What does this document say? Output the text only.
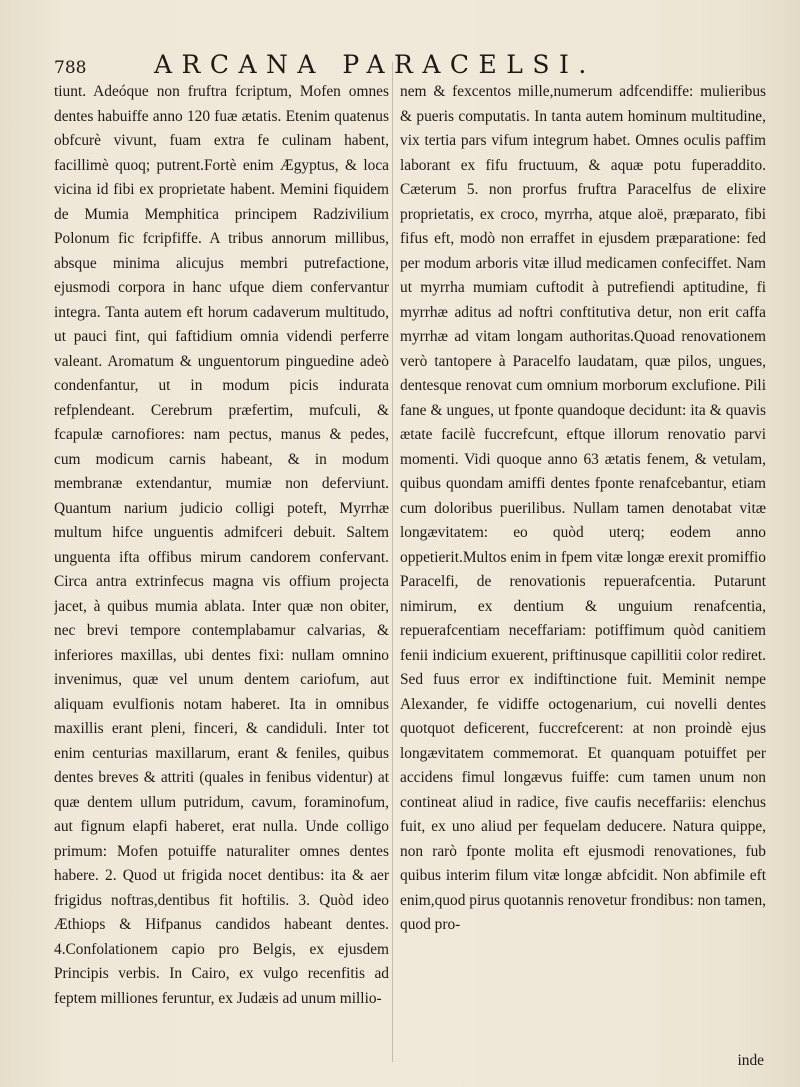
788	ARCANA PARACELSI.

tiunt. Adeóque non fruftra fcriptum, Mofen omnes dentes habuiffe anno 120 fuæ ætatis. Etenim quatenus obfcurè vivunt, fuam extra fe culinam habent, facillimè quoq; putrent.Fortè enim Ægyptus, & loca vicina id fibi ex proprietate habent. Memini fiquidem de Mumia Memphitica principem Radzivilium Polonum fic fcripfiffe. A tribus annorum millibus, absque minima alicujus membri putrefactione, ejusmodi corpora in hanc ufque diem confervantur integra. Tanta autem eft horum cadaverum multitudo, ut pauci fint, qui faftidium omnia videndi perferre valeant. Aromatum & unguentorum pinguedine adeò condenfantur, ut in modum picis indurata refplendeant. Cerebrum præfertim, mufculi, & fcapulæ carnofiores: nam pectus, manus & pedes, cum modicum carnis habeant, & in modum membranæ extendantur, mumiæ non deferviunt. Quantum narium judicio colligi poteft, Myrrhæ multum hifce unguentis admifceri debuit. Saltem unguenta ifta offibus mirum candorem confervant. Circa antra extrinfecus magna vis offium projecta jacet, à quibus mumia ablata. Inter quæ non obiter, nec brevi tempore contemplabamur calvarias, & inferiores maxillas, ubi dentes fixi: nullam omnino invenimus, quæ vel unum dentem cariofum, aut aliquam evulfionis notam haberet. Ita in omnibus maxillis erant pleni, finceri, & candiduli. Inter tot enim centurias maxillarum, erant & fenilеs, quibus dentes breves & attriti (quales in fenibus videntur) at quæ dentem ullum putridum, cavum, foraminofum, aut fignum elapfi haberet, erat nulla. Unde colligo primum: Mofen potuiffe naturaliter omnes dentes habere. 2. Quod ut frigida nocet dentibus: ita & aer frigidus noftras,dentibus fit hoftilis. 3. Quòd ideo Æthiops & Hifpanus candidos habeant dentes. 4.Confolationem capio pro Belgis, ex ejusdem Principis verbis. In Cairo, ex vulgo recenfitis ad feptem millionеs feruntur, ex Judæis ad unum millio-

nem & fexcentos mille,numerum adfcendiffe: mulieribus & pueris computatis. In tanta autem hominum multitudine, vix tertia pars vifum integrum habet. Omnes oculis paffim laborant ex fifu fructuum, & aquæ potu fuperaddito. Cæterum 5. non prorfus fruftra Paracelfus de elixire proprietatis, ex croco, myrrha, atque aloë, præparato, fibi fifus eft, modò non erraffet in ejusdem præparatione: fed per modum arboris vitæ illud medicamen confeciffet. Nam ut myrrha mumiam cuftodit à putrefiendi aptitudine, fi myrrhæ aditus ad noftri conftitutiva detur, non erit caffa myrrhæ ad vitam longam authoritas.Quoad renovationem verò tantopere à Paracelfo laudatam, quæ pilos, ungues, dentesque renovat cum omnium morborum exclufione. Pili fane & ungues, ut fponte quandoque decidunt: ita & quavis ætate facilè fuccrefcunt, eftque illorum renovatio parvi momenti. Vidi quoque anno 63 ætatis fenem, & vetulam, quibus quondam amiffi dentes fponte renafcebantur, etiam cum doloribus puerilibus. Nullam tamen denotabat vitæ longævitatem: eo quòd uterq; eodem anno oppetierit.Multos enim in fpem vitæ longæ erexit promiffio Paracelfi, de renovationis repuerafcentia. Putarunt nimirum, ex dentium & unguium renafcentia, repuerafcentiam neceffariam: potiffimum quòd canitiem fenii indicium exuerent, priftinusque capillitii color rediret. Sed fuus error ex indiftinctione fuit. Meminit nempe Alexander, fe vidiffe octogenarium, cui novelli dentes quotquot deficerent, fuccrefcerent: at non proindè ejus longævitatem commemorat. Et quanquam potuiffet per accidens fimul longævus fuiffe: cum tamen unum non contineat aliud in radice, five caufis neceffariis: elenchus fuit, ex uno aliud per fequelam deducere. Natura quippe, non rarò fponte molita eft ejusmodi renovationes, fub quibus interim filum vitæ longæ abfcidit. Non abfimile eft enim,quod pirus quotannis renovetur frondibus: non tamen, quod pro-

inde
